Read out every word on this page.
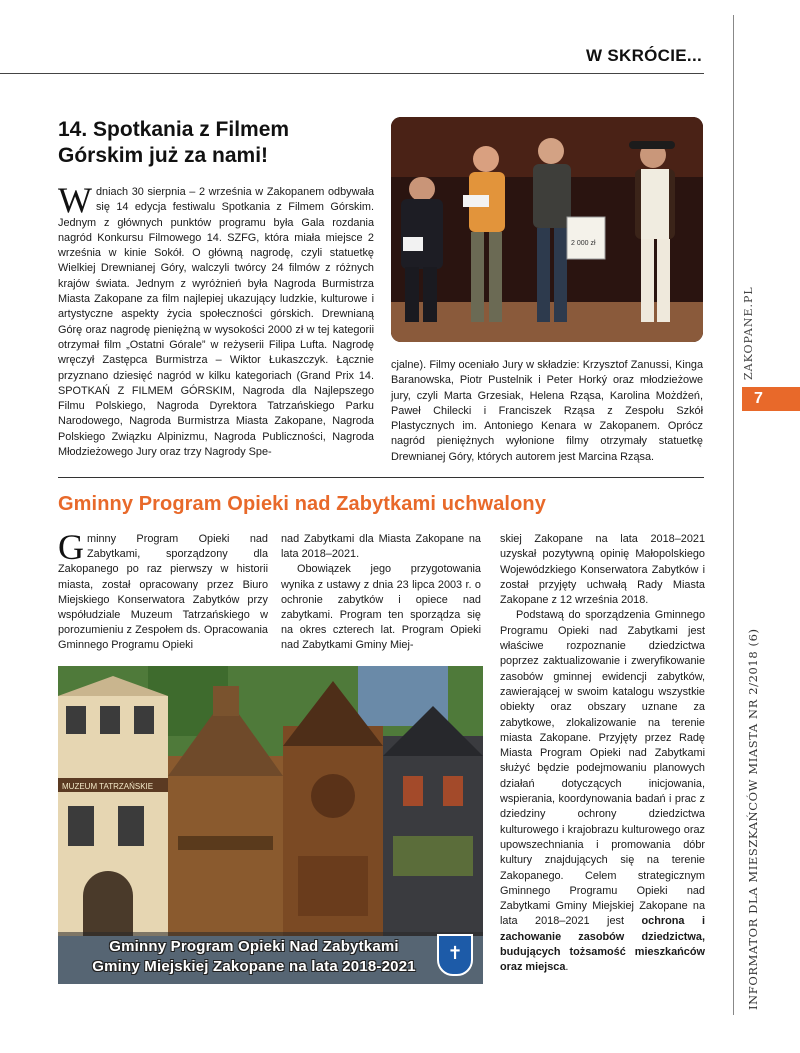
W SKRÓCIE...
ZAKOPANE.PL
7
INFORMATOR DLA MIESZKAŃCÓW MIASTA NR 2/2018 (6)
14. Spotkania z Filmem Górskim już za nami!
Wdniach 30 sierpnia – 2 września w Zakopanem odbywała się 14 edycja festiwalu Spotkania z Filmem Górskim. Jednym z głównych punktów programu była Gala rozdania nagród Konkursu Filmowego 14. SZFG, która miała miejsce 2 września w kinie Sokół. O główną nagrodę, czyli statuetkę Wielkiej Drewnianej Góry, walczyli twórcy 24 filmów z różnych krajów świata. Jednym z wyróżnień była Nagroda Burmistrza Miasta Zakopane za film najlepiej ukazujący ludzkie, kulturowe i artystyczne aspekty życia społeczności górskich. Drewnianą Górę oraz nagrodę pieniężną w wysokości 2000 zł w tej kategorii otrzymał film „Ostatni Górale” w reżyserii Filipa Lufta. Nagrodę wręczył Zastępca Burmistrza – Wiktor Łukaszczyk. Łącznie przyznano dziesięć nagród w kilku kategoriach (Grand Prix 14. SPOTKAŃ Z FILMEM GÓRSKIM, Nagroda dla Najlepszego Filmu Polskiego, Nagroda Dyrektora Tatrzańskiego Parku Narodowego, Nagroda Burmistrza Miasta Zakopane, Nagroda Polskiego Związku Alpinizmu, Nagroda Publiczności, Nagroda Młodzieżowego Jury oraz trzy Nagrody Spe-
2 000 zł
cjalne). Filmy oceniało Jury w składzie: Krzysztof Zanussi, Kinga Baranowska, Piotr Pustelnik i Peter Horký oraz młodzieżowe jury, czyli Marta Grzesiak, Helena Rząsa, Karolina Możdżeń, Paweł Chilecki i Franciszek Rząsa z Zespołu Szkół Plastycznych im. Antoniego Kenara w Zakopanem. Oprócz nagród pieniężnych wyłonione filmy otrzymały statuetkę Drewnianej Góry, których autorem jest Marcina Rząsa.
Gminny Program Opieki nad Zabytkami uchwalony
Gminny Program Opieki nad Zabytkami, sporządzony dla Zakopanego po raz pierwszy w historii miasta, został opracowany przez Biuro Miejskiego Konserwatora Zabytków przy współudziale Muzeum Tatrzańskiego w porozumieniu z Zespołem ds. Opracowania Gminnego Programu Opieki
nad Zabytkami dla Miasta Zakopane na lata 2018–2021.
Obowiązek jego przygotowania wynika z ustawy z dnia 23 lipca 2003 r. o ochronie zabytków i opiece nad zabytkami. Program ten sporządza się na okres czterech lat. Program Opieki nad Zabytkami Gminy Miej-

skiej Zakopane na lata 2018–2021 uzyskał pozytywną opinię Małopolskiego Wojewódzkiego Konserwatora Zabytków i został przyjęty uchwałą Rady Miasta Zakopane z 12 września 2018.

Podstawą do sporządzenia Gminnego Programu Opieki nad Zabytkami jest właściwe rozpoznanie dziedzictwa poprzez zaktualizowanie i zweryfikowanie zasobów gminnej ewidencji zabytków, zawierającej w swoim katalogu wszystkie obiekty oraz obszary uznane za zabytkowe, zlokalizowanie na terenie miasta Zakopane. Przyjęty przez Radę Miasta Program Opieki nad Zabytkami służyć będzie podejmowaniu planowych działań dotyczących inicjowania, wspierania, koordynowania badań i prac z dziedziny ochrony dziedzictwa kulturowego i krajobrazu kulturowego oraz upowszechniania i promowania dóbr kultury znajdujących się na terenie Zakopanego. Celem strategicznym Gminnego Programu Opieki nad Zabytkami Gminy Miejskiej Zakopane na lata 2018–2021 jest ochrona i zachowanie zasobów dziedzictwa, budujących tożsamość mieszkańców oraz miejsca.

MUZEUM TATRZAŃSKIE
Gminny Program Opieki Nad Zabytkami
Gminy Miejskiej Zakopane na lata 2018-2021
✝
